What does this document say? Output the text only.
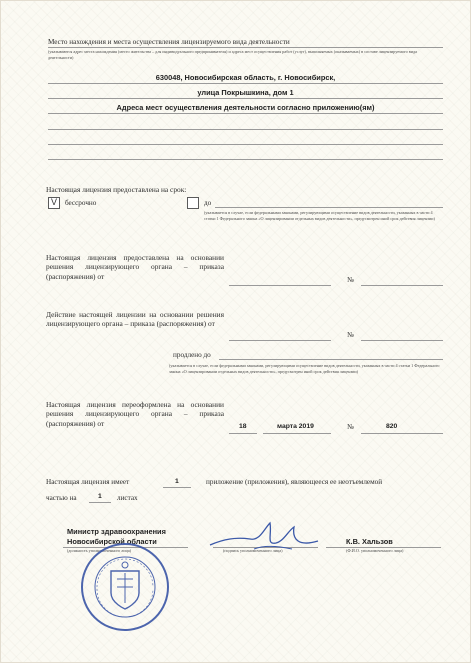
Место нахождения и места осуществления лицензируемого вида деятельности
(указываются адрес места нахождения (место жительства – для индивидуального предпринимателя) и адреса мест осуществления работ (услуг), выполняемых (оказываемых) в составе лицензируемого вида деятельности)
630048, Новосибирская область, г. Новосибирск,
улица Покрышкина, дом 1
Адреса мест осуществления деятельности согласно приложению(ям)
Настоящая лицензия предоставлена на срок:
V бессрочно	до
(указывается в случае, если федеральными законами, регулирующими осуществление видов деятельности, указанных в части 4 статьи 1 Федерального закона «О лицензировании отдельных видов деятельности», предусмотрен иной срок действия лицензии)
Настоящая лицензия предоставлена на основании решения лицензирующего органа – приказа (распоряжения) от	№
Действие настоящей лицензии на основании решения лицензирующего органа – приказа (распоряжения) от
№
продлено до
(указывается в случае, если федеральными законами, регулирующими осуществление видов деятельности, указанных в части 4 статьи 1 Федерального закона «О лицензировании отдельных видов деятельности», предусмотрен иной срок действия лицензии)
Настоящая лицензия переоформлена на основании решения лицензирующего органа – приказа (распоряжения) от	18	марта 2019	№	820
Настоящая лицензия имеет	1	приложение (приложения), являющееся ее неотъемлемой
частью на	1 листах
Министр здравоохранения
Новосибирской области
(должность уполномоченного лица)	(подпись уполномоченного лица)
К.В. Хальзов
(Ф.И.О. уполномоченного лица)
